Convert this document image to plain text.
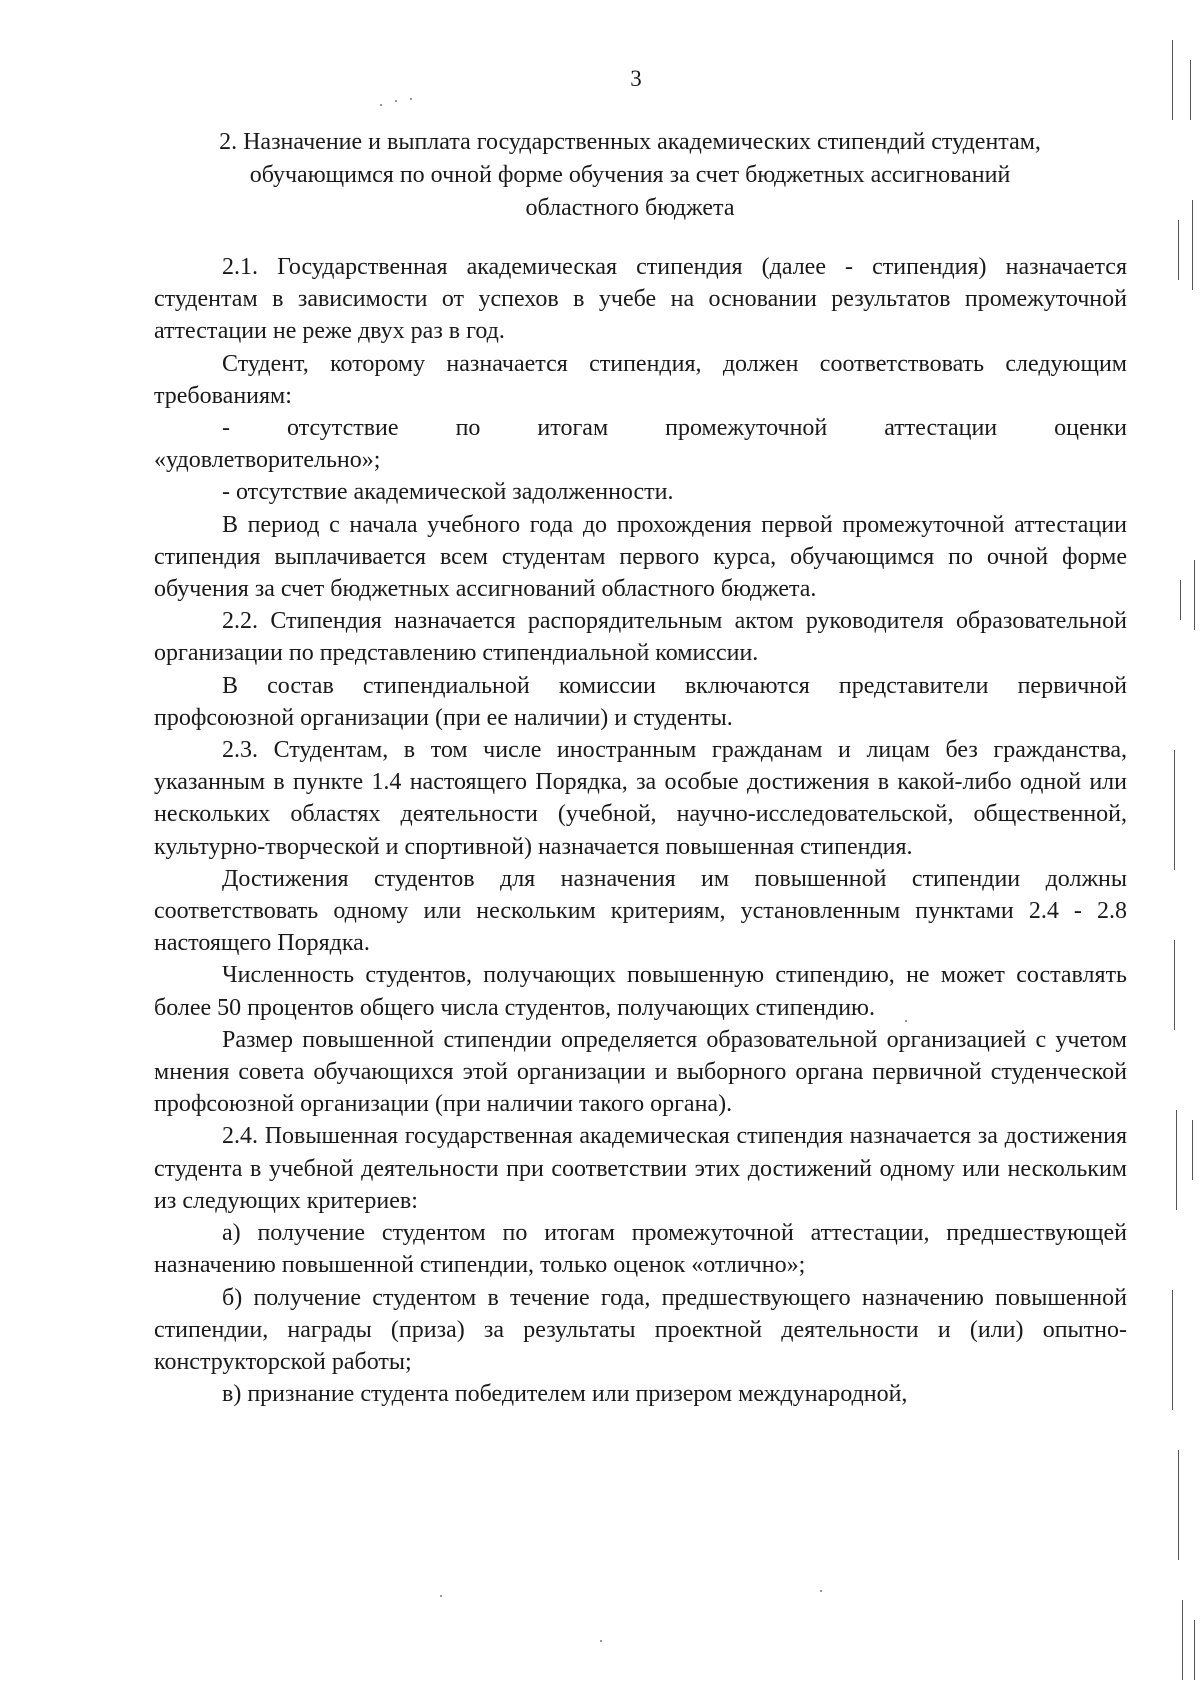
3
2. Назначение и выплата государственных академических стипендий студентам, обучающимся по очной форме обучения за счет бюджетных ассигнований областного бюджета

2.1. Государственная академическая стипендия (далее - стипендия) назначается студентам в зависимости от успехов в учебе на основании результатов промежуточной аттестации не реже двух раз в год.

Студент, которому назначается стипендия, должен соответствовать следующим требованиям:

- отсутствие по итогам промежуточной аттестации оценки «удовлетворительно»;

- отсутствие академической задолженности.

В период с начала учебного года до прохождения первой промежуточной аттестации стипендия выплачивается всем студентам первого курса, обучающимся по очной форме обучения за счет бюджетных ассигнований областного бюджета.

2.2. Стипендия назначается распорядительным актом руководителя образовательной организации по представлению стипендиальной комиссии.

В состав стипендиальной комиссии включаются представители первичной профсоюзной организации (при ее наличии) и студенты.

2.3. Студентам, в том числе иностранным гражданам и лицам без гражданства, указанным в пункте 1.4 настоящего Порядка, за особые достижения в какой-либо одной или нескольких областях деятельности (учебной, научно-исследовательской, общественной, культурно-творческой и спортивной) назначается повышенная стипендия.

Достижения студентов для назначения им повышенной стипендии должны соответствовать одному или нескольким критериям, установленным пунктами 2.4 - 2.8 настоящего Порядка.

Численность студентов, получающих повышенную стипендию, не может составлять более 50 процентов общего числа студентов, получающих стипендию.

Размер повышенной стипендии определяется образовательной организацией с учетом мнения совета обучающихся этой организации и выборного органа первичной студенческой профсоюзной организации (при наличии такого органа).

2.4. Повышенная государственная академическая стипендия назначается за достижения студента в учебной деятельности при соответствии этих достижений одному или нескольким из следующих критериев:

а) получение студентом по итогам промежуточной аттестации, предшествующей назначению повышенной стипендии, только оценок «отлично»;

б) получение студентом в течение года, предшествующего назначению повышенной стипендии, награды (приза) за результаты проектной деятельности и (или) опытно-конструкторской работы;

в) признание студента победителем или призером международной,
